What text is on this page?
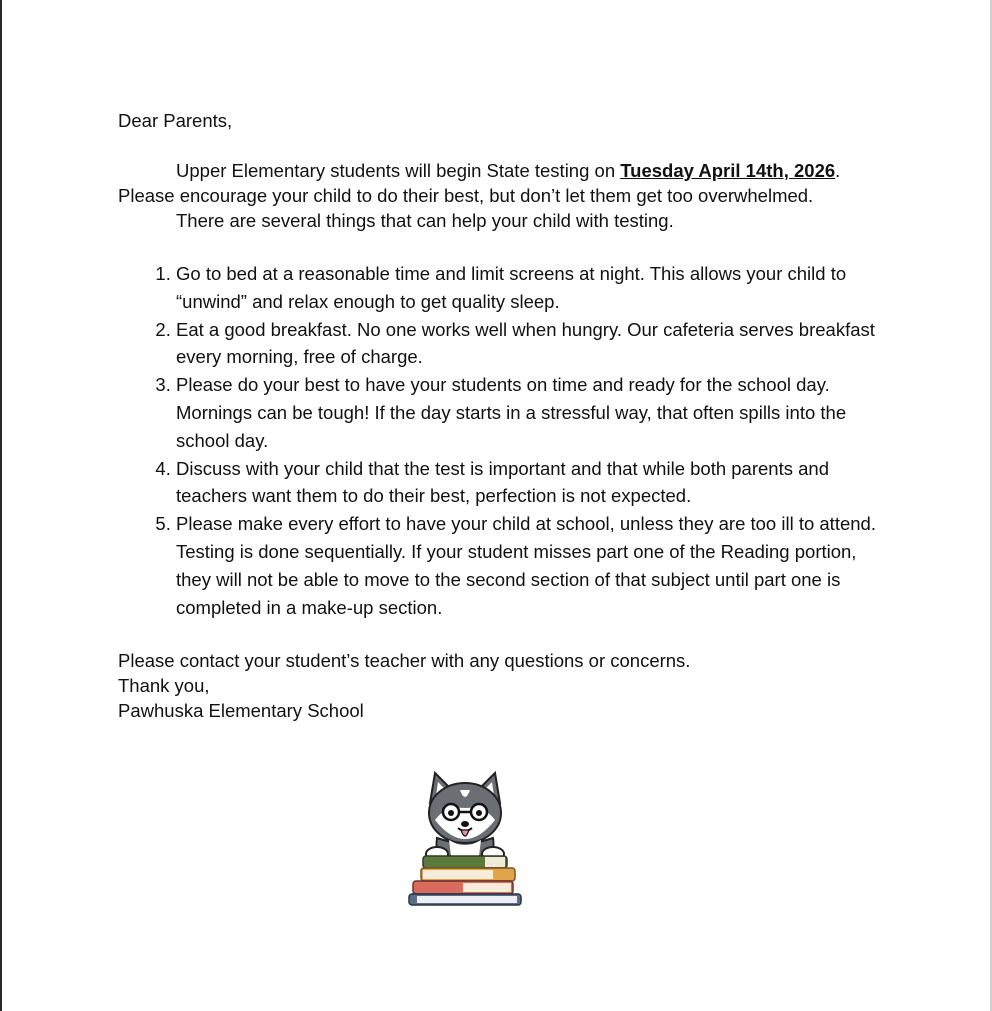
Dear Parents,

Upper Elementary students will begin State testing on Tuesday April 14th, 2026.

Please encourage your child to do their best, but don’t let them get too overwhelmed.

There are several things that can help your child with testing.

1. Go to bed at a reasonable time and limit screens at night. This allows your child to “unwind” and relax enough to get quality sleep.
2. Eat a good breakfast. No one works well when hungry. Our cafeteria serves breakfast every morning, free of charge.
3. Please do your best to have your students on time and ready for the school day. Mornings can be tough! If the day starts in a stressful way, that often spills into the school day.
4. Discuss with your child that the test is important and that while both parents and teachers want them to do their best, perfection is not expected.
5. Please make every effort to have your child at school, unless they are too ill to attend. Testing is done sequentially. If your student misses part one of the Reading portion, they will not be able to move to the second section of that subject until part one is completed in a make-up section.

Please contact your student’s teacher with any questions or concerns.

Thank you,

Pawhuska Elementary School
